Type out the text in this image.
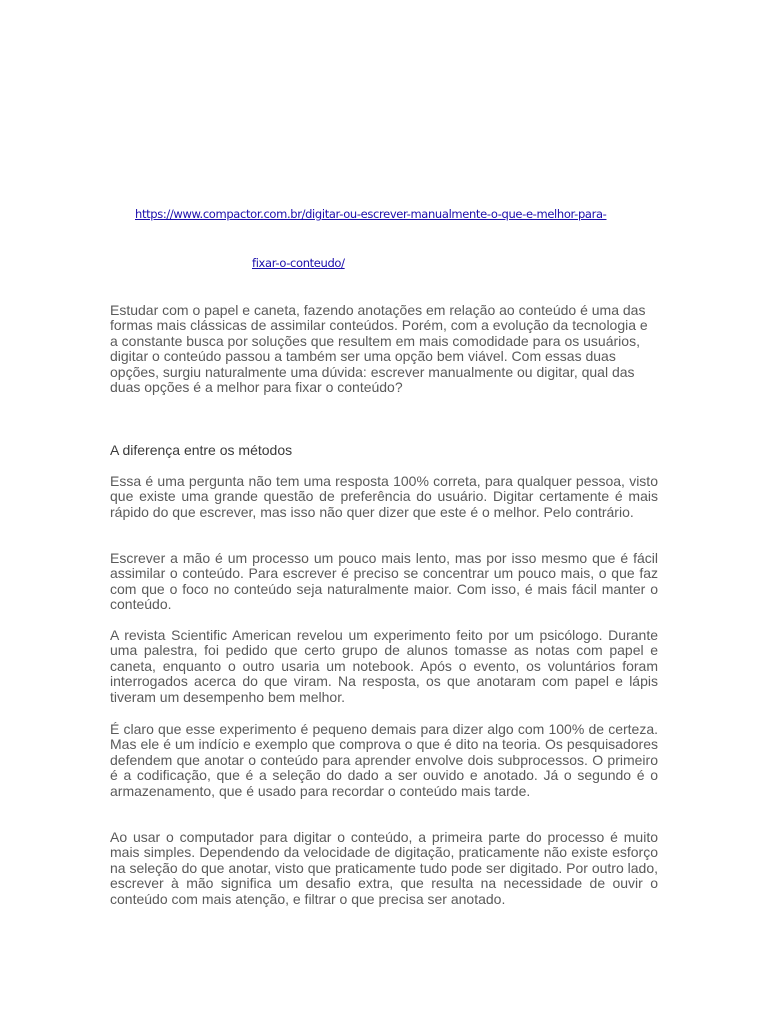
https://www.compactor.com.br/digitar-ou-escrever-manualmente-o-que-e-melhor-para-
fixar-o-conteudo/

Estudar com o papel e caneta, fazendo anotações em relação ao conteúdo é uma das formas mais clássicas de assimilar conteúdos. Porém, com a evolução da tecnologia e a constante busca por soluções que resultem em mais comodidade para os usuários, digitar o conteúdo passou a também ser uma opção bem viável. Com essas duas opções, surgiu naturalmente uma dúvida: escrever manualmente ou digitar, qual das duas opções é a melhor para fixar o conteúdo?

A diferença entre os métodos

Essa é uma pergunta não tem uma resposta 100% correta, para qualquer pessoa, visto que existe uma grande questão de preferência do usuário. Digitar certamente é mais rápido do que escrever, mas isso não quer dizer que este é o melhor. Pelo contrário.

Escrever a mão é um processo um pouco mais lento, mas por isso mesmo que é fácil assimilar o conteúdo. Para escrever é preciso se concentrar um pouco mais, o que faz com que o foco no conteúdo seja naturalmente maior. Com isso, é mais fácil manter o conteúdo.

A revista Scientific American revelou um experimento feito por um psicólogo. Durante uma palestra, foi pedido que certo grupo de alunos tomasse as notas com papel e caneta, enquanto o outro usaria um notebook. Após o evento, os voluntários foram interrogados acerca do que viram. Na resposta, os que anotaram com papel e lápis tiveram um desempenho bem melhor.

É claro que esse experimento é pequeno demais para dizer algo com 100% de certeza. Mas ele é um indício e exemplo que comprova o que é dito na teoria. Os pesquisadores defendem que anotar o conteúdo para aprender envolve dois subprocessos. O primeiro é a codificação, que é a seleção do dado a ser ouvido e anotado. Já o segundo é o armazenamento, que é usado para recordar o conteúdo mais tarde.

Ao usar o computador para digitar o conteúdo, a primeira parte do processo é muito mais simples. Dependendo da velocidade de digitação, praticamente não existe esforço na seleção do que anotar, visto que praticamente tudo pode ser digitado. Por outro lado, escrever à mão significa um desafio extra, que resulta na necessidade de ouvir o conteúdo com mais atenção, e filtrar o que precisa ser anotado.
